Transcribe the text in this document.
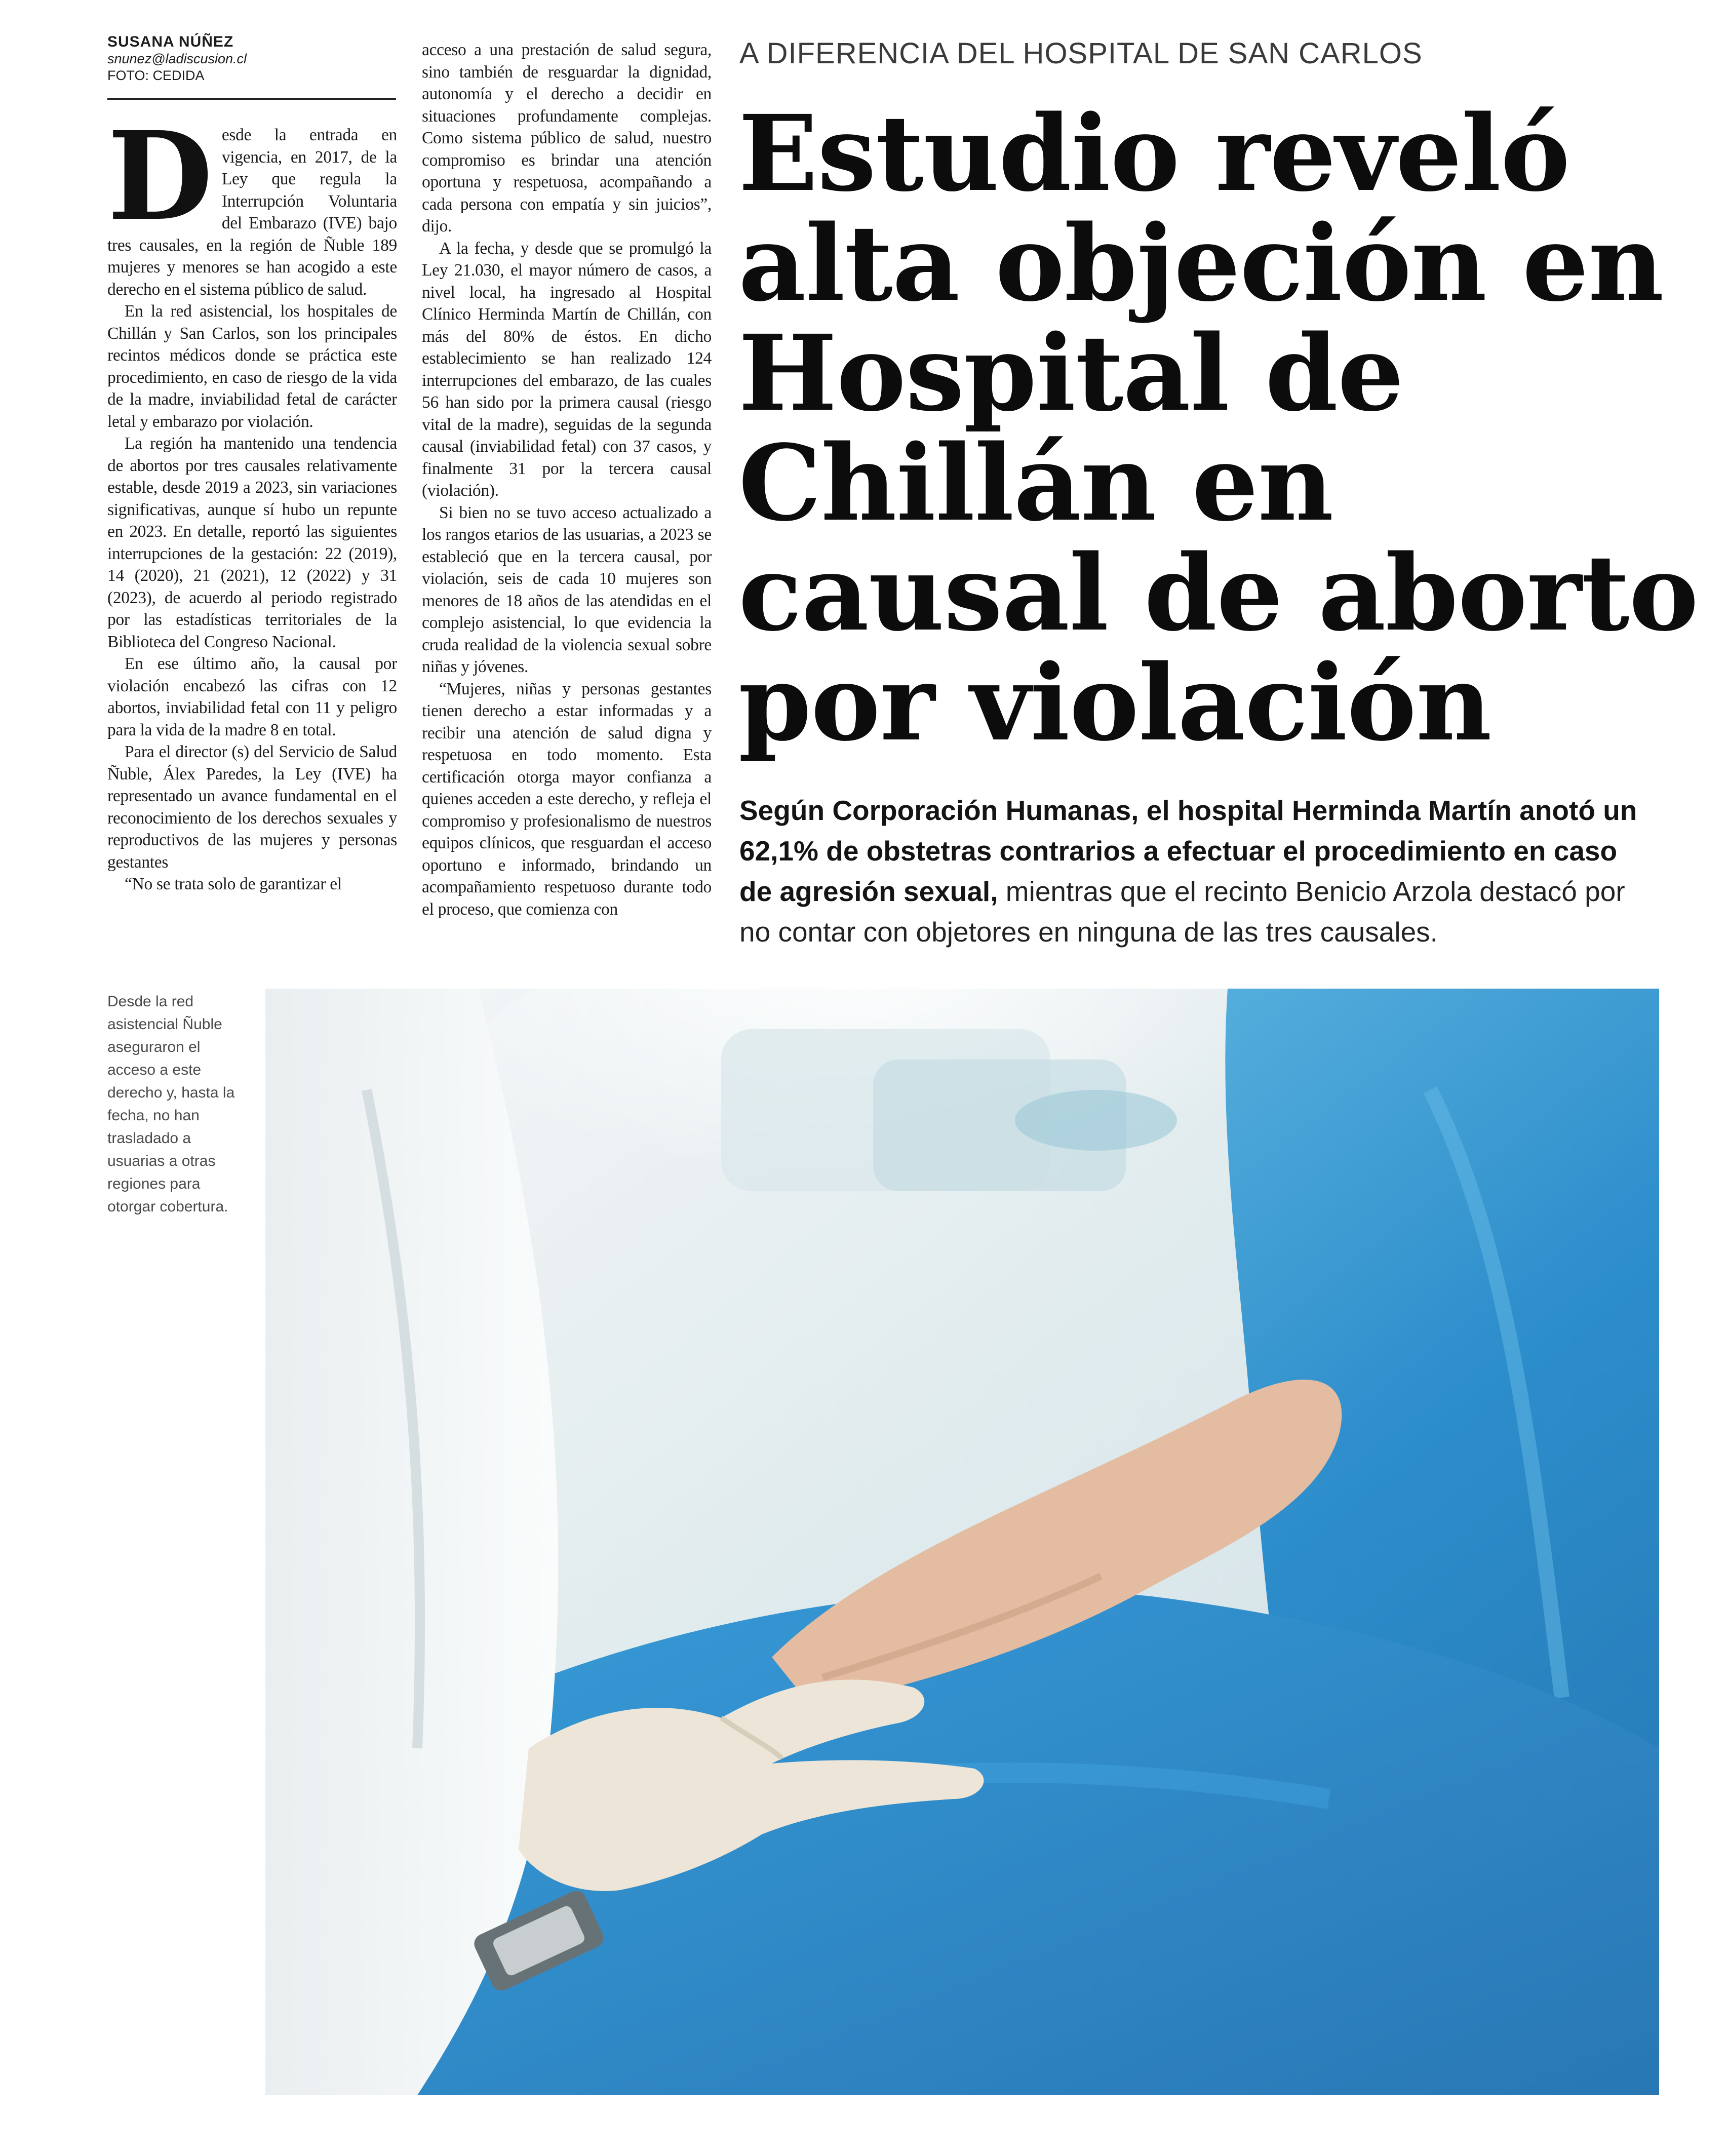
SUSANA NÚÑEZ
snunez@ladiscusion.cl
FOTO: CEDIDA

Desde la entrada en vigencia, en 2017, de la Ley que regula la Interrupción Voluntaria del Embarazo (IVE) bajo tres causales, en la región de Ñuble 189 mujeres y menores se han acogido a este derecho en el sistema público de salud.

En la red asistencial, los hospitales de Chillán y San Carlos, son los principales recintos médicos donde se práctica este procedimiento, en caso de riesgo de la vida de la madre, inviabilidad fetal de carácter letal y embarazo por violación.

La región ha mantenido una tendencia de abortos por tres causales relativamente estable, desde 2019 a 2023, sin variaciones significativas, aunque sí hubo un repunte en 2023. En detalle, reportó las siguientes interrupciones de la gestación: 22 (2019), 14 (2020), 21 (2021), 12 (2022) y 31 (2023), de acuerdo al periodo registrado por las estadísticas territoriales de la Biblioteca del Congreso Nacional.

En ese último año, la causal por violación encabezó las cifras con 12 abortos, inviabilidad fetal con 11 y peligro para la vida de la madre 8 en total.

Para el director (s) del Servicio de Salud Ñuble, Álex Paredes, la Ley (IVE) ha representado un avance fundamental en el reconocimiento de los derechos sexuales y reproductivos de las mujeres y personas gestantes

“No se trata solo de garantizar el

acceso a una prestación de salud segura, sino también de resguardar la dignidad, autonomía y el derecho a decidir en situaciones profundamente complejas. Como sistema público de salud, nuestro compromiso es brindar una atención oportuna y respetuosa, acompañando a cada persona con empatía y sin juicios”, dijo.

A la fecha, y desde que se promulgó la Ley 21.030, el mayor número de casos, a nivel local, ha ingresado al Hospital Clínico Herminda Martín de Chillán, con más del 80% de éstos. En dicho establecimiento se han realizado 124 interrupciones del embarazo, de las cuales 56 han sido por la primera causal (riesgo vital de la madre), seguidas de la segunda causal (inviabilidad fetal) con 37 casos, y finalmente 31 por la tercera causal (violación).

Si bien no se tuvo acceso actualizado a los rangos etarios de las usuarias, a 2023 se estableció que en la tercera causal, por violación, seis de cada 10 mujeres son menores de 18 años de las atendidas en el complejo asistencial, lo que evidencia la cruda realidad de la violencia sexual sobre niñas y jóvenes.

“Mujeres, niñas y personas gestantes tienen derecho a estar informadas y a recibir una atención de salud digna y respetuosa en todo momento. Esta certificación otorga mayor confianza a quienes acceden a este derecho, y refleja el compromiso y profesionalismo de nuestros equipos clínicos, que resguardan el acceso oportuno e informado, brindando un acompañamiento respetuoso durante todo el proceso, que comienza con

A DIFERENCIA DEL HOSPITAL DE SAN CARLOS
Estudio reveló alta objeción en Hospital de Chillán en causal de aborto por violación
Según Corporación Humanas, el hospital Herminda Martín anotó un 62,1% de obstetras contrarios a efectuar el procedimiento en caso de agresión sexual, mientras que el recinto Benicio Arzola destacó por no contar con objetores en ninguna de las tres causales.
Desde la red asistencial Ñuble aseguraron el acceso a este derecho y, hasta la fecha, no han trasladado a usuarias a otras regiones para otorgar cobertura.
